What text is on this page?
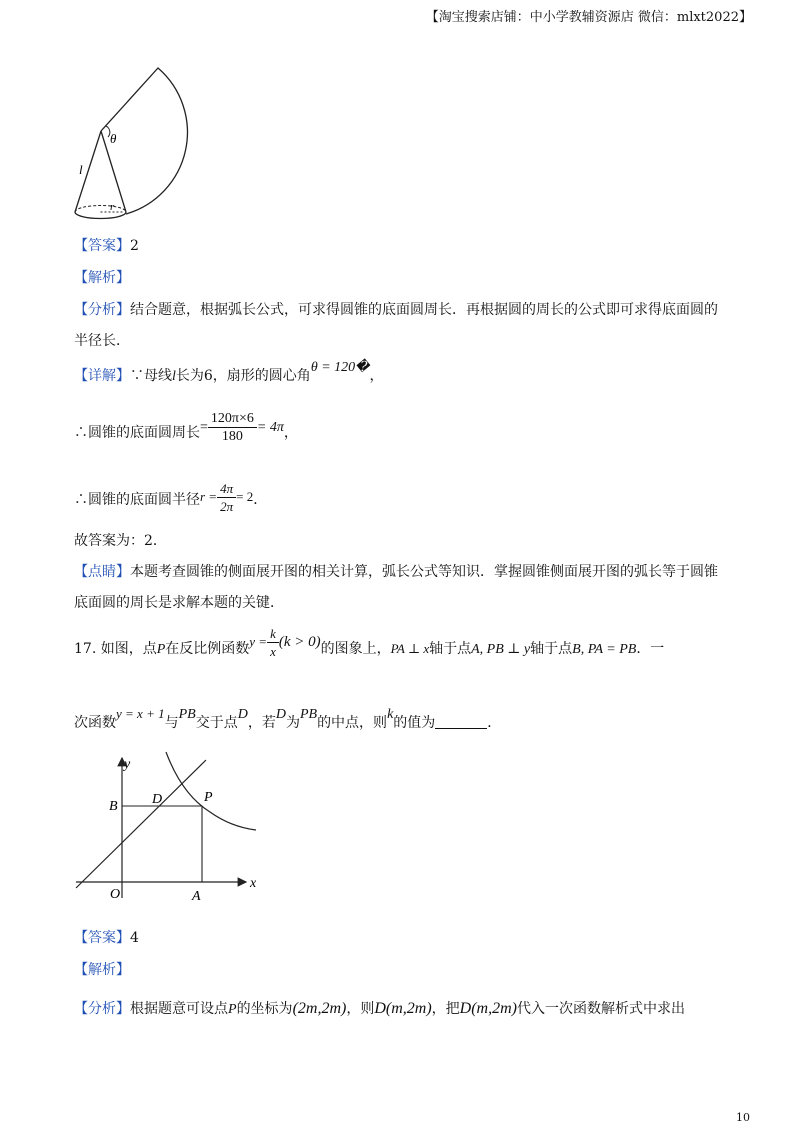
【淘宝搜索店铺：中小学教辅资源店 微信：mlxt2022】
θ
l
r
【答案】2
【解析】
【分析】结合题意，根据弧长公式，可求得圆锥的底面圆周长．再根据圆的周长的公式即可求得底面圆的
半径长．
【详解】∵母线l长为6，扇形的圆心角θ = 120�，
∴圆锥的底面圆周长= $\frac{120\pi\times 6}{180} = 4\pi$，
∴圆锥的底面圆半径$r = \frac{4\pi}{2\pi} = 2$．
故答案为：2．
【点睛】本题考查圆锥的侧面展开图的相关计算，弧长公式等知识．掌握圆锥侧面展开图的弧长等于圆锥
底面圆的周长是求解本题的关键．
17. 如图，点P在反比例函数$y = \frac{k}{x} (k > 0)$的图象上，PA ⊥ x轴于点A, PB ⊥ y轴于点B, PA = PB．一
次函数y = x + 1与PB交于点D，若D为PB的中点，则k的值为	．
y
x
B D	P
O	A
【答案】4
【解析】
【分析】根据题意可设点P的坐标为(2m,2m)，则D(m,2m)，把D(m,2m)代入一次函数解析式中求出
10
